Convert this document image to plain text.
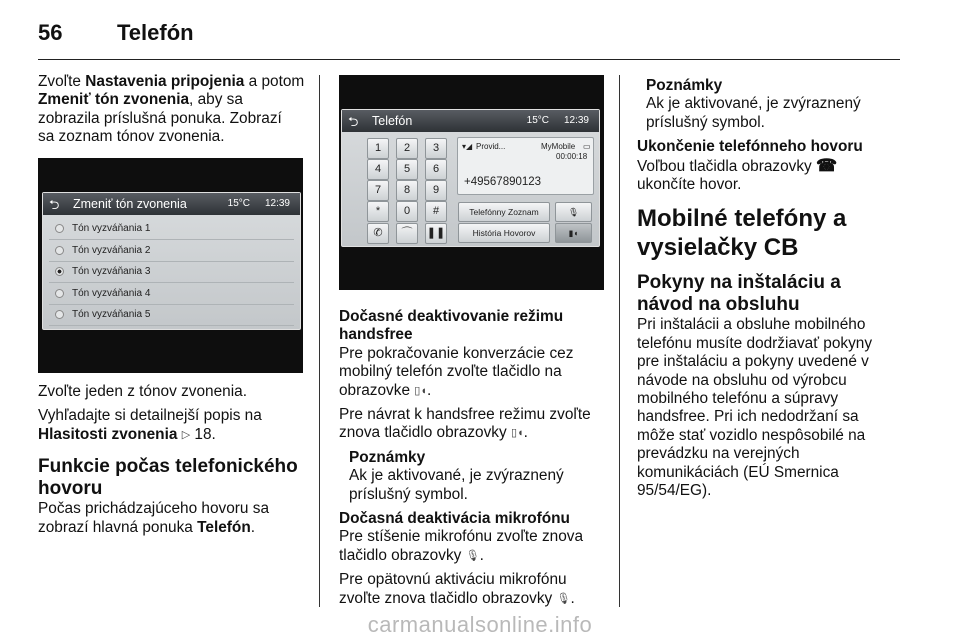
56 Telefón
Zvoľte Nastavenia pripojenia a potom
Zmeniť tón zvonenia, aby sa
zobrazila príslušná ponuka. Zobrazí
sa zoznam tónov zvonenia.
⮌ Zmeniť tón zvonenia	15°C 12:39
Tón vyzváňania 1
Tón vyzváňania 2
Tón vyzváňania 3
Tón vyzváňania 4
Tón vyzváňania 5

Zvoľte jeden z tónov zvonenia.

Vyhľadajte si detailnejší popis na
Hlasitosti zvonenia ▷ 18.

Funkcie počas telefonického hovoru

Počas prichádzajúceho hovoru sa
zobrazí hlavná ponuka Telefón.

⮌ Telefón	15°C 12:39
1	2	3
4	5	6
7	8	9
*	0	#
✆	⌒	❚❚
▾◢ Provid...	MyMobile ▭
00:00:18
+49567890123
Telefónny Zoznam	🎙
História Hovorov	▮◖
Dočasné deaktivovanie režimu handsfree

Pre pokračovanie konverzácie cez
mobilný telefón zvoľte tlačidlo na
obrazovke ▯◖.

Pre návrat k handsfree režimu zvoľte
znova tlačidlo obrazovky ▯◖.

Poznámky
Ak je aktivované, je zvýraznený
príslušný symbol.
Dočasná deaktivácia mikrofónu

Pre stíšenie mikrofónu zvoľte znova
tlačidlo obrazovky 🎙.

Pre opätovnú aktiváciu mikrofónu
zvoľte znova tlačidlo obrazovky 🎙.

Poznámky
Ak je aktivované, je zvýraznený
príslušný symbol.
Ukončenie telefónneho hovoru

Voľbou tlačidla obrazovky ☎
ukončíte hovor.

Mobilné telefóny a vysielačky CB
Pokyny na inštaláciu a návod na obsluhu

Pri inštalácii a obsluhe mobilného
telefónu musíte dodržiavať pokyny
pre inštaláciu a pokyny uvedené v
návode na obsluhu od výrobcu
mobilného telefónu a súpravy
handsfree. Pri ich nedodržaní sa
môže stať vozidlo nespôsobilé na
prevádzku na verejných
komunikáciách (EÚ Smernica
95/54/EG).

carmanualsonline.info
